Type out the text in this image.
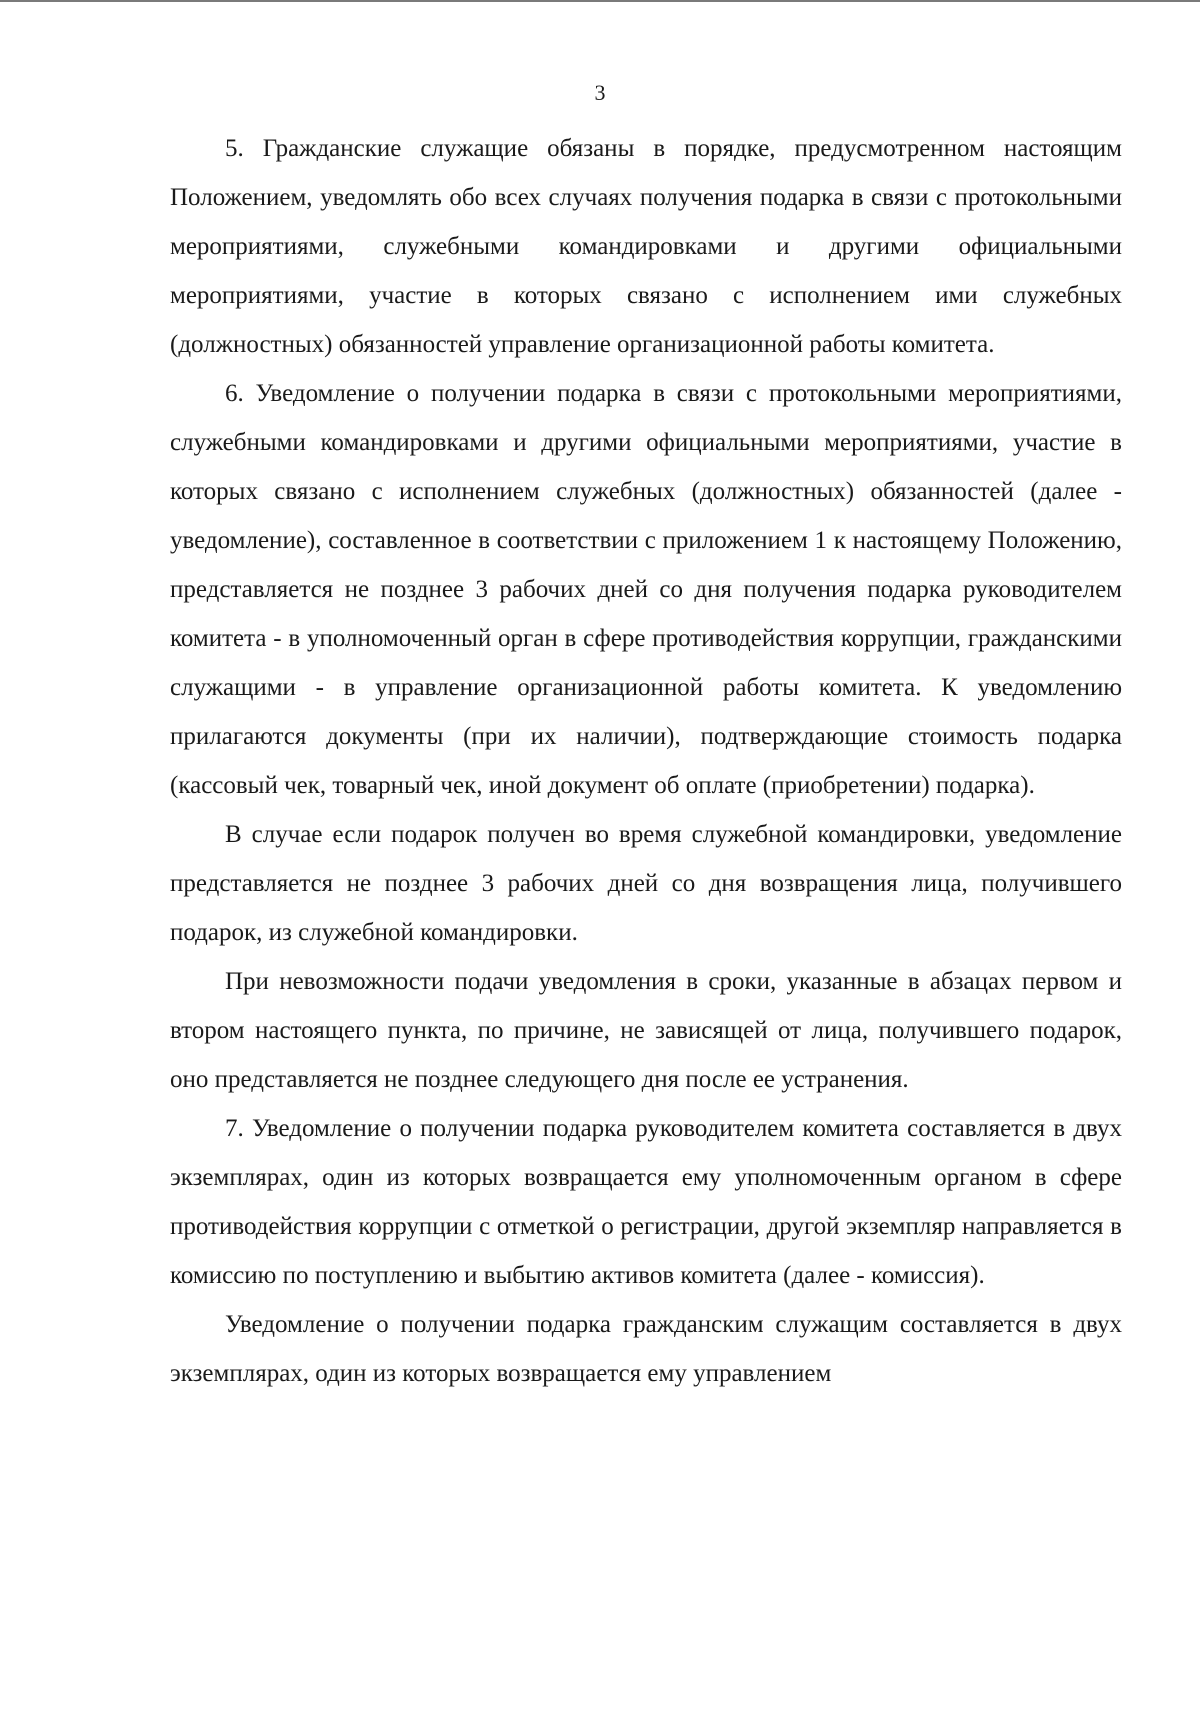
3

5. Гражданские служащие обязаны в порядке, предусмотренном настоящим Положением, уведомлять обо всех случаях получения подарка в связи с протокольными мероприятиями, служебными командировками и другими официальными мероприятиями, участие в которых связано с исполнением ими служебных (должностных) обязанностей управление организационной работы комитета.

6. Уведомление о получении подарка в связи с протокольными мероприятиями, служебными командировками и другими официальными мероприятиями, участие в которых связано с исполнением служебных (должностных) обязанностей (далее - уведомление), составленное в соответствии с приложением 1 к настоящему Положению, представляется не позднее 3 рабочих дней со дня получения подарка руководителем комитета - в уполномоченный орган в сфере противодействия коррупции, гражданскими служащими - в управление организационной работы комитета. К уведомлению прилагаются документы (при их наличии), подтверждающие стоимость подарка (кассовый чек, товарный чек, иной документ об оплате (приобретении) подарка).

В случае если подарок получен во время служебной командировки, уведомление представляется не позднее 3 рабочих дней со дня возвращения лица, получившего подарок, из служебной командировки.

При невозможности подачи уведомления в сроки, указанные в абзацах первом и втором настоящего пункта, по причине, не зависящей от лица, получившего подарок, оно представляется не позднее следующего дня после ее устранения.

7. Уведомление о получении подарка руководителем комитета составляется в двух экземплярах, один из которых возвращается ему уполномоченным органом в сфере противодействия коррупции с отметкой о регистрации, другой экземпляр направляется в комиссию по поступлению и выбытию активов комитета (далее - комиссия).

Уведомление о получении подарка гражданским служащим составляется в двух экземплярах, один из которых возвращается ему управлением
